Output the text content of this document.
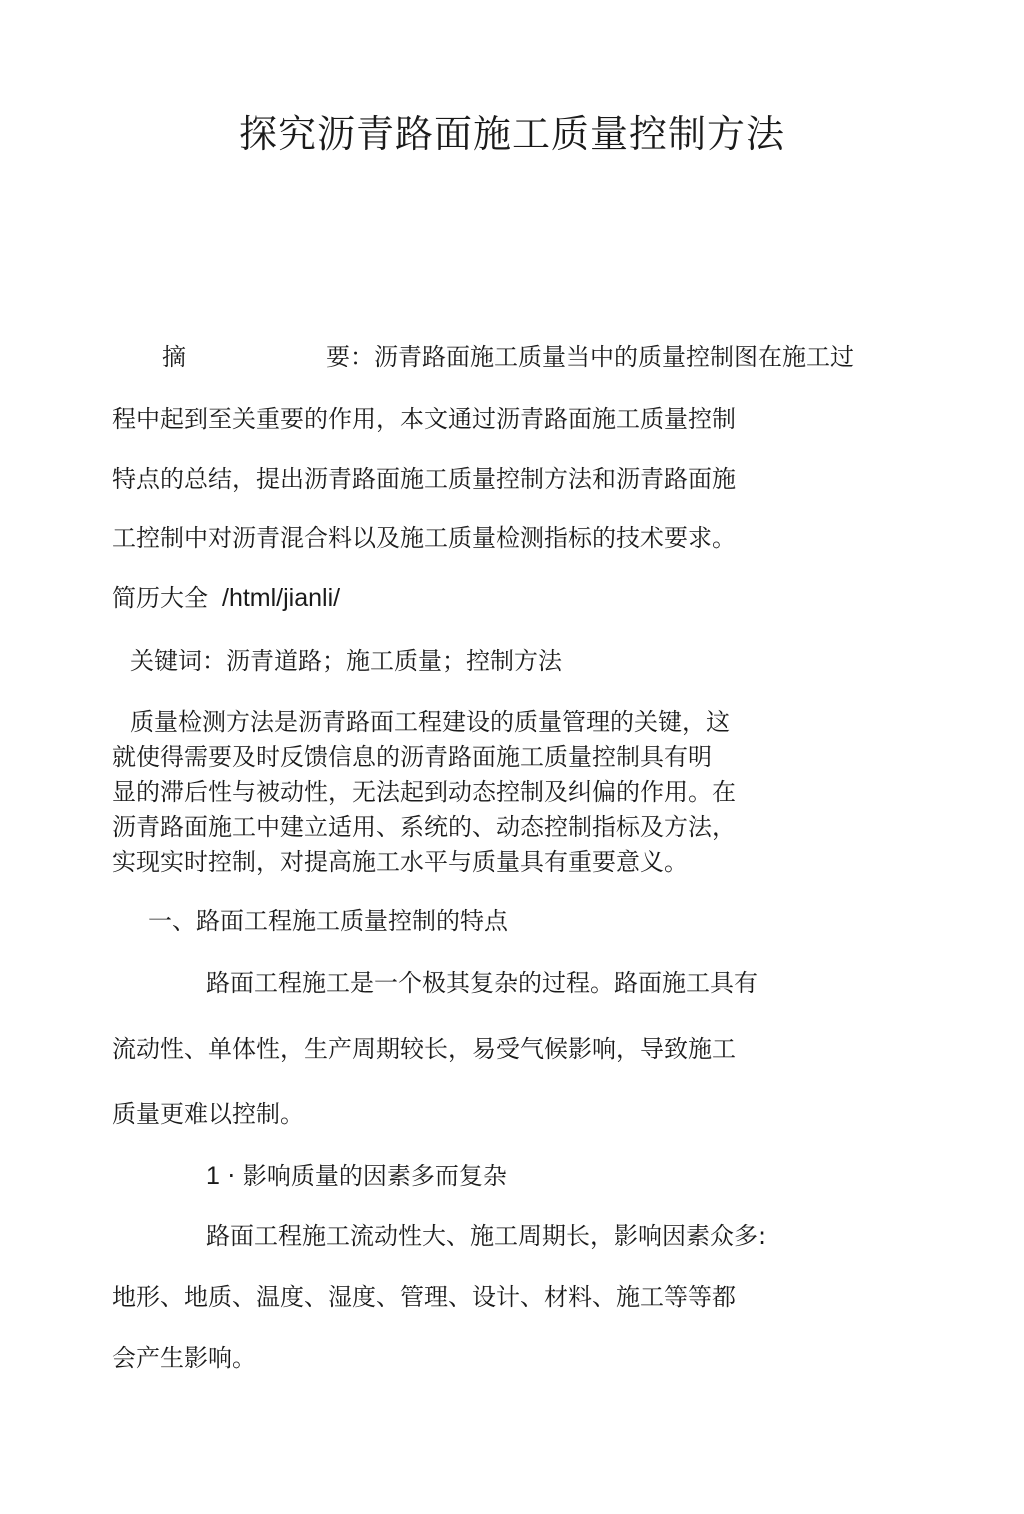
探究沥青路面施工质量控制方法
摘	要：沥青路面施工质量当中的质量控制图在施工过
程中起到至关重要的作用，本文通过沥青路面施工质量控制
特点的总结，提出沥青路面施工质量控制方法和沥青路面施
工控制中对沥青混合料以及施工质量检测指标的技术要求。
简历大全 /html/jianli/
关键词：沥青道路；施工质量；控制方法
质量检测方法是沥青路面工程建设的质量管理的关键，这
就使得需要及时反馈信息的沥青路面施工质量控制具有明
显的滞后性与被动性，无法起到动态控制及纠偏的作用。在
沥青路面施工中建立适用、系统的、动态控制指标及方法，
实现实时控制，对提高施工水平与质量具有重要意义。
一、路面工程施工质量控制的特点
路面工程施工是一个极其复杂的过程。路面施工具有
流动性、单体性，生产周期较长，易受气候影响，导致施工
质量更难以控制。
1 · 影响质量的因素多而复杂
路面工程施工流动性大、施工周期长，影响因素众多:
地形、地质、温度、湿度、管理、设计、材料、施工等等都
会产生影响。
